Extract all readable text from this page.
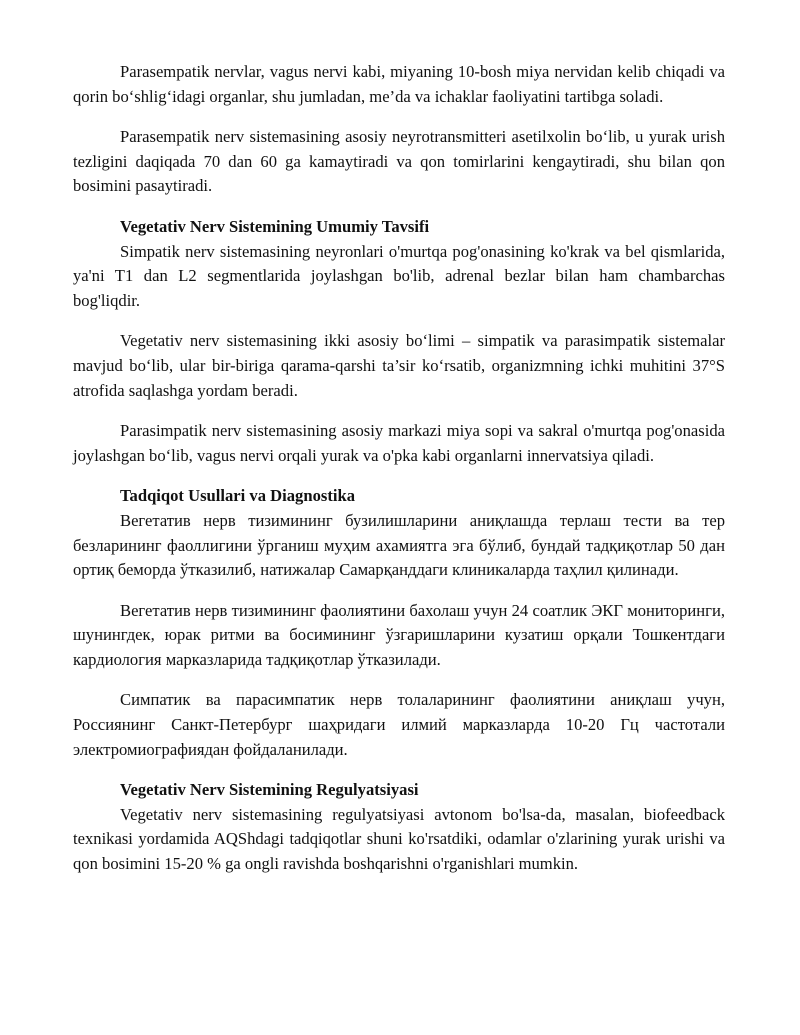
Parasempatik nervlar, vagus nervi kabi, miyaning 10-bosh miya nervidan kelib chiqadi va qorin bo‘shlig‘idagi organlar, shu jumladan, me’da va ichaklar faoliyatini tartibga soladi.

Parasempatik nerv sistemasining asosiy neyrotransmitteri asetilxolin bo‘lib, u yurak urish tezligini daqiqada 70 dan 60 ga kamaytiradi va qon tomirlarini kengaytiradi, shu bilan qon bosimini pasaytiradi.

Vegetativ Nerv Sistemining Umumiy Tavsifi

Simpatik nerv sistemasining neyronlari o'murtqa pog'onasining ko'krak va bel qismlarida, ya'ni T1 dan L2 segmentlarida joylashgan bo'lib, adrenal bezlar bilan ham chambarchas bog'liqdir.

Vegetativ nerv sistemasining ikki asosiy bo‘limi – simpatik va parasimpatik sistemalar mavjud bo‘lib, ular bir-biriga qarama-qarshi ta’sir ko‘rsatib, organizmning ichki muhitini 37°S atrofida saqlashga yordam beradi.

Parasimpatik nerv sistemasining asosiy markazi miya sopi va sakral o'murtqa pog'onasida joylashgan bo‘lib, vagus nervi orqali yurak va o'pka kabi organlarni innervatsiya qiladi.

Tadqiqot Usullari va Diagnostika

Вегетатив нерв тизимининг бузилишларини аниқлашда терлаш тести ва тер безларининг фаоллигини ўрганиш муҳим ахамиятга эга бўлиб, бундай тадқиқотлар 50 дан ортиқ беморда ўтказилиб, натижалар Самарқанддаги клиникаларда таҳлил қилинади.

Вегетатив нерв тизимининг фаолиятини бахолаш учун 24 соатлик ЭКГ мониторинги, шунингдек, юрак ритми ва босимининг ўзгаришларини кузатиш орқали Тошкентдаги кардиология марказларида тадқиқотлар ўтказилади.

Симпатик ва парасимпатик нерв толаларининг фаолиятини аниқлаш учун, Россиянинг Санкт-Петербург шаҳридаги илмий марказларда 10-20 Гц частотали электромиографиядан фойдаланилади.

Vegetativ Nerv Sistemining Regulyatsiyasi

Vegetativ nerv sistemasining regulyatsiyasi avtonom bo'lsa-da, masalan, biofeedback texnikasi yordamida AQShdagi tadqiqotlar shuni ko'rsatdiki, odamlar o'zlarining yurak urishi va qon bosimini 15-20 % ga ongli ravishda boshqarishni o'rganishlari mumkin.
